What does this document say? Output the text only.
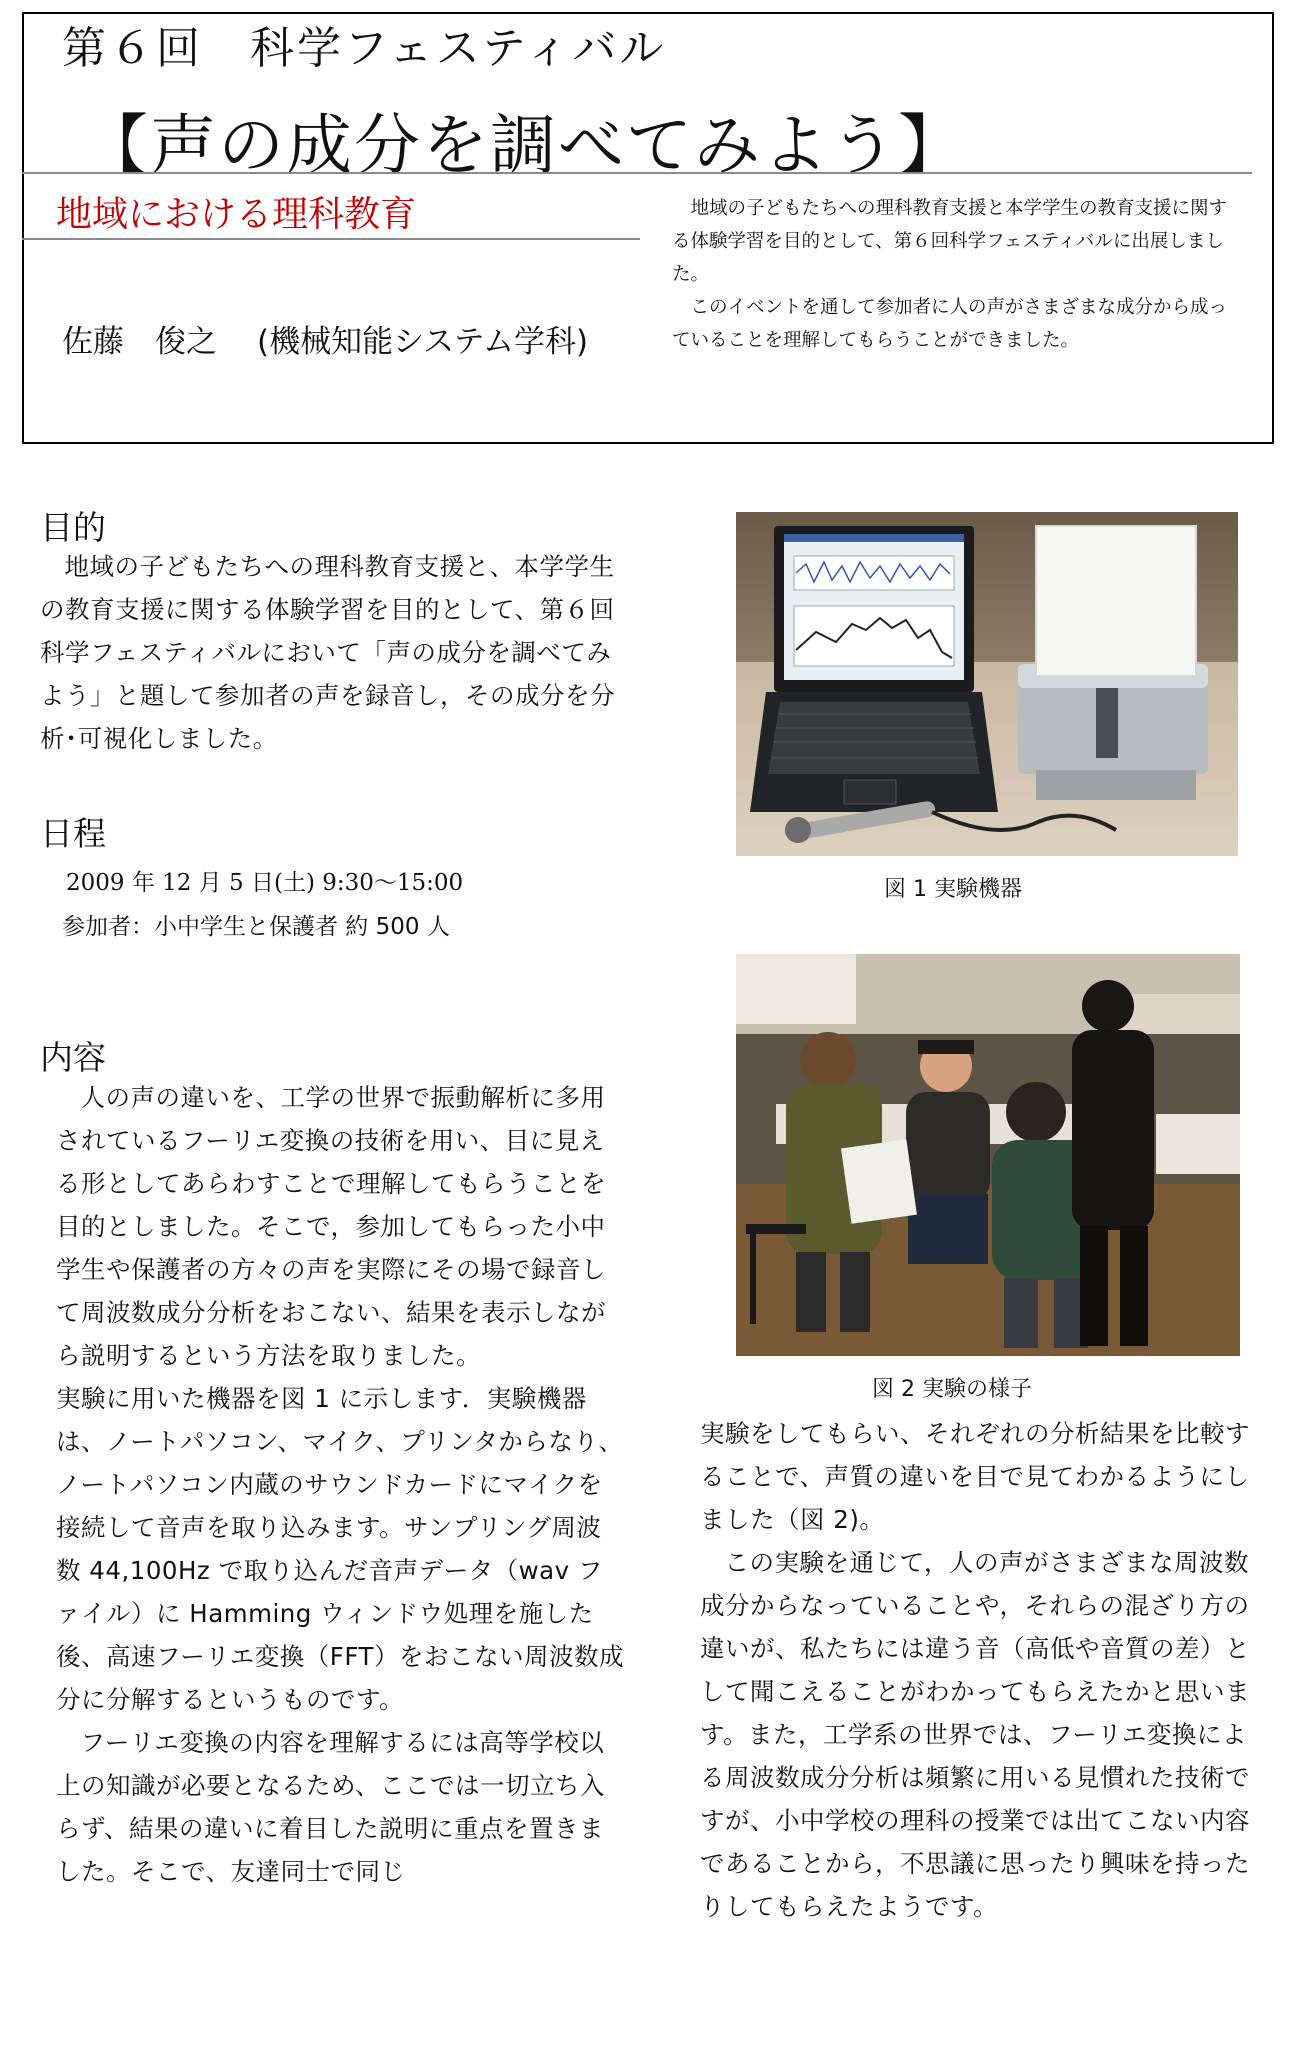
第６回　科学フェスティバル
【声の成分を調べてみよう】
地域における理科教育
佐藤　俊之 (機械知能システム学科)

地域の子どもたちへの理科教育支援と本学学生の教育支援に関する体験学習を目的として、第６回科学フェスティバルに出展しました。

このイベントを通して参加者に人の声がさまざまな成分から成っていることを理解してもらうことができました。

目的

地域の子どもたちへの理科教育支援と、本学学生の教育支援に関する体験学習を目的として、第６回科学フェスティバルにおいて「声の成分を調べてみよう」と題して参加者の声を録音し，その成分を分析･可視化しました。

日程
2009 年 12 月 5 日(土) 9:30〜15:00
参加者：小中学生と保護者 約 500 人
内容

人の声の違いを、工学の世界で振動解析に多用されているフーリエ変換の技術を用い、目に見える形としてあらわすことで理解してもらうことを目的としました。そこで，参加してもらった小中学生や保護者の方々の声を実際にその場で録音して周波数成分分析をおこない、結果を表示しながら説明するという方法を取りました。

実験に用いた機器を図 1 に示します．実験機器は、ノートパソコン、マイク、プリンタからなり、ノートパソコン内蔵のサウンドカードにマイクを接続して音声を取り込みます。サンプリング周波数 44,100Hz で取り込んだ音声データ（wav ファイル）に Hamming ウィンドウ処理を施した後、高速フーリエ変換（FFT）をおこない周波数成分に分解するというものです。

フーリエ変換の内容を理解するには高等学校以上の知識が必要となるため、ここでは一切立ち入らず、結果の違いに着目した説明に重点を置きました。そこで、友達同士で同じ

実験をしてもらい、それぞれの分析結果を比較することで、声質の違いを目で見てわかるようにしました（図 2)。

この実験を通じて，人の声がさまざまな周波数成分からなっていることや，それらの混ざり方の違いが、私たちには違う音（高低や音質の差）として聞こえることがわかってもらえたかと思います。また，工学系の世界では、フーリエ変換による周波数成分分析は頻繁に用いる見慣れた技術ですが、小中学校の理科の授業では出てこない内容であることから，不思議に思ったり興味を持ったりしてもらえたようです。

図 1 実験機器
図 2 実験の様子
